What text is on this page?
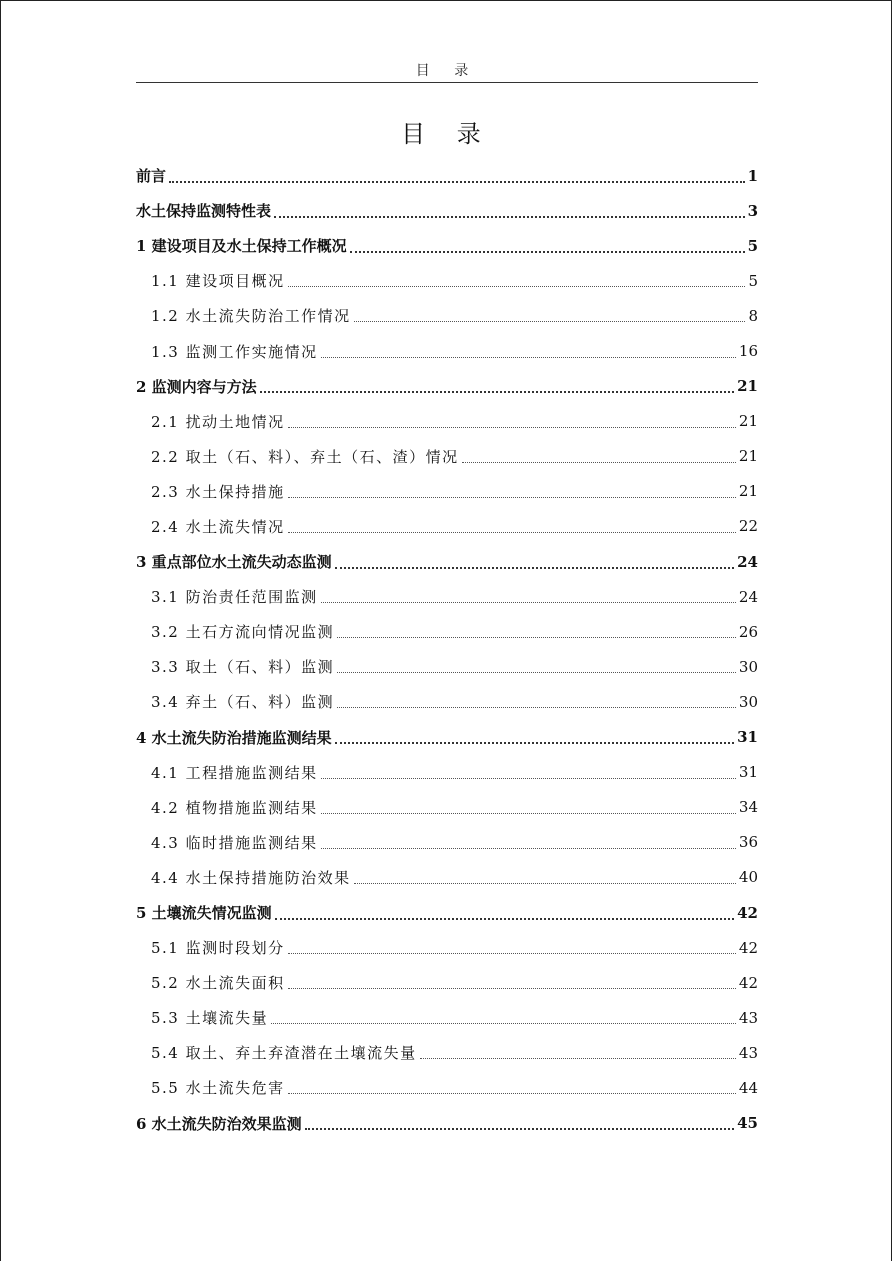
目 录
目 录
前言	1
水土保持监测特性表	3
1 建设项目及水土保持工作概况	5
1.1 建设项目概况	5
1.2 水土流失防治工作情况	8
1.3 监测工作实施情况	16
2 监测内容与方法	21
2.1 扰动土地情况	21
2.2 取土（石、料）、弃土（石、渣）情况	21
2.3 水土保持措施	21
2.4 水土流失情况	22
3 重点部位水土流失动态监测	24
3.1 防治责任范围监测	24
3.2 土石方流向情况监测	26
3.3 取土（石、料）监测	30
3.4 弃土（石、料）监测	30
4 水土流失防治措施监测结果	31
4.1 工程措施监测结果	31
4.2 植物措施监测结果	34
4.3 临时措施监测结果	36
4.4 水土保持措施防治效果	40
5 土壤流失情况监测	42
5.1 监测时段划分	42
5.2 水土流失面积	42
5.3 土壤流失量	43
5.4 取土、弃土弃渣潜在土壤流失量	43
5.5 水土流失危害	44
6 水土流失防治效果监测	45
